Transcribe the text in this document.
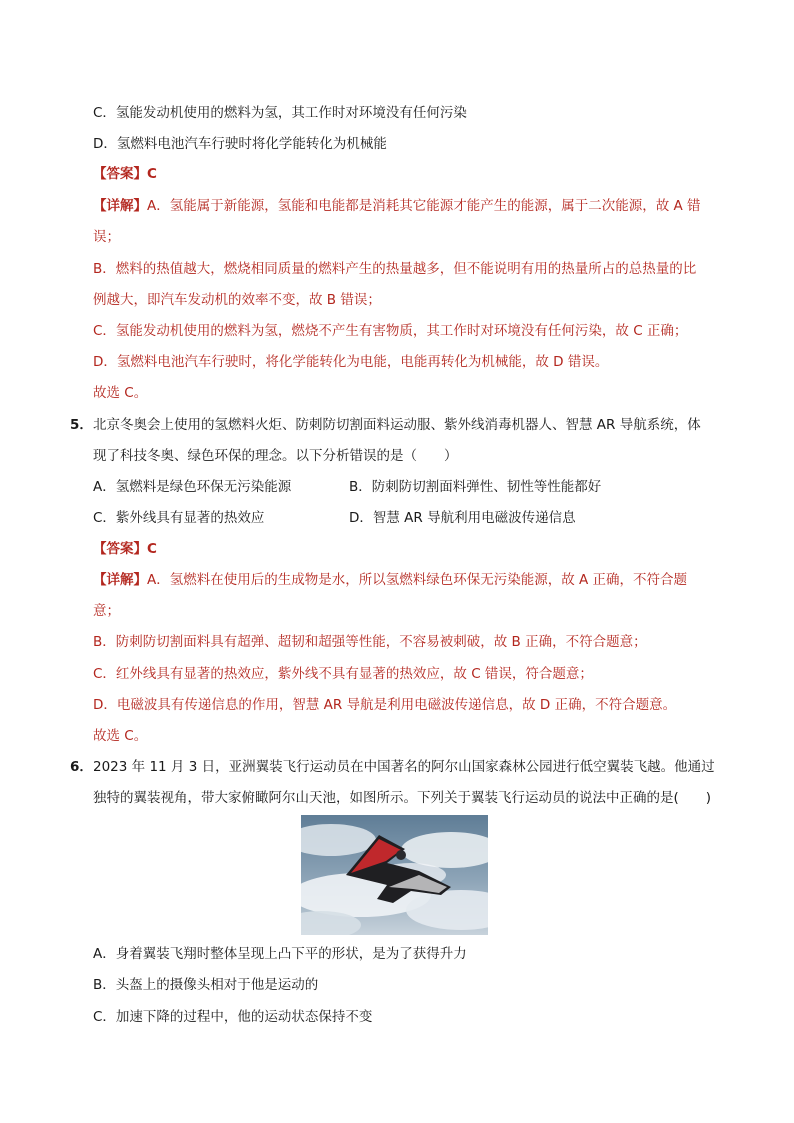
C．氢能发动机使用的燃料为氢，其工作时对环境没有任何污染
D．氢燃料电池汽车行驶时将化学能转化为机械能
【答案】C
【详解】A．氢能属于新能源，氢能和电能都是消耗其它能源才能产生的能源，属于二次能源，故 A 错
误；
B．燃料的热值越大，燃烧相同质量的燃料产生的热量越多，但不能说明有用的热量所占的总热量的比
例越大，即汽车发动机的效率不变，故 B 错误；
C．氢能发动机使用的燃料为氢，燃烧不产生有害物质，其工作时对环境没有任何污染，故 C 正确；
D．氢燃料电池汽车行驶时，将化学能转化为电能，电能再转化为机械能，故 D 错误。
故选 C。
5． 北京冬奥会上使用的氢燃料火炬、防刺防切割面料运动服、紫外线消毒机器人、智慧 AR 导航系统，体
现了科技冬奥、绿色环保的理念。以下分析错误的是（　　）
A．氢燃料是绿色环保无污染能源	B．防刺防切割面料弹性、韧性等性能都好
C．紫外线具有显著的热效应	D．智慧 AR 导航利用电磁波传递信息
【答案】C
【详解】A．氢燃料在使用后的生成物是水，所以氢燃料绿色环保无污染能源，故 A 正确，不符合题
意；
B．防刺防切割面料具有超弹、超韧和超强等性能，不容易被刺破，故 B 正确，不符合题意；
C．红外线具有显著的热效应，紫外线不具有显著的热效应，故 C 错误，符合题意；
D．电磁波具有传递信息的作用，智慧 AR 导航是利用电磁波传递信息，故 D 正确，不符合题意。
故选 C。
6． 2023 年 11 月 3 日，亚洲翼装飞行运动员在中国著名的阿尔山国家森林公园进行低空翼装飞越。他通过
独特的翼装视角，带大家俯瞰阿尔山天池，如图所示。下列关于翼装飞行运动员的说法中正确的是(　　)
A．身着翼装飞翔时整体呈现上凸下平的形状，是为了获得升力
B．头盔上的摄像头相对于他是运动的
C．加速下降的过程中，他的运动状态保持不变
